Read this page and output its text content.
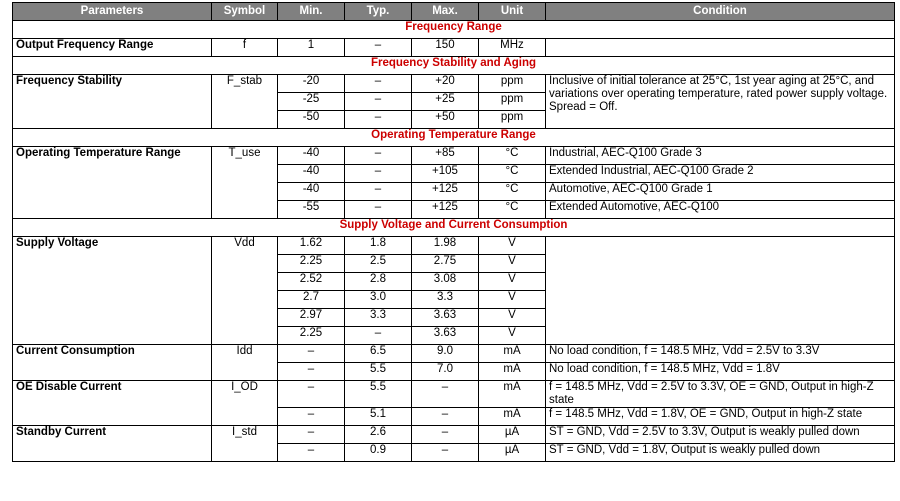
Parameters	Symbol	Min.	Typ.	Max.	Unit	Condition
Frequency Range						
Output Frequency Range	f	1	–	150	MHz	
Frequency Stability and Aging						
Frequency Stability	F_stab	-20	–	+20	ppm	Inclusive of initial tolerance at 25°C, 1st year aging at 25°C, and variations over operating temperature, rated power supply voltage. Spread = Off.
		-25	–	+25	ppm	
		-50	–	+50	ppm	
Operating Temperature Range						
Operating Temperature Range	T_use	-40	–	+85	°C	Industrial, AEC-Q100 Grade 3
		-40	–	+105	°C	Extended Industrial, AEC-Q100 Grade 2
		-40	–	+125	°C	Automotive, AEC-Q100 Grade 1
		-55	–	+125	°C	Extended Automotive, AEC-Q100
Supply Voltage and Current Consumption						
Supply Voltage	Vdd	1.62	1.8	1.98	V	
		2.25	2.5	2.75	V	
		2.52	2.8	3.08	V	
		2.7	3.0	3.3	V	
		2.97	3.3	3.63	V	
		2.25	–	3.63	V	
Current Consumption	Idd	–	6.5	9.0	mA	No load condition, f = 148.5 MHz, Vdd = 2.5V to 3.3V
		–	5.5	7.0	mA	No load condition, f = 148.5 MHz, Vdd = 1.8V
OE Disable Current	I_OD	–	5.5	–	mA	f = 148.5 MHz, Vdd = 2.5V to 3.3V, OE = GND, Output in high-Z state
		–	5.1	–	mA	f = 148.5 MHz, Vdd = 1.8V, OE = GND, Output in high-Z state
Standby Current	I_std	–	2.6	–	µA	$\overline{ST}$ = GND, Vdd = 2.5V to 3.3V, Output is weakly pulled down
		–	0.9	–	µA	$\overline{ST}$ = GND, Vdd = 1.8V, Output is weakly pulled down
